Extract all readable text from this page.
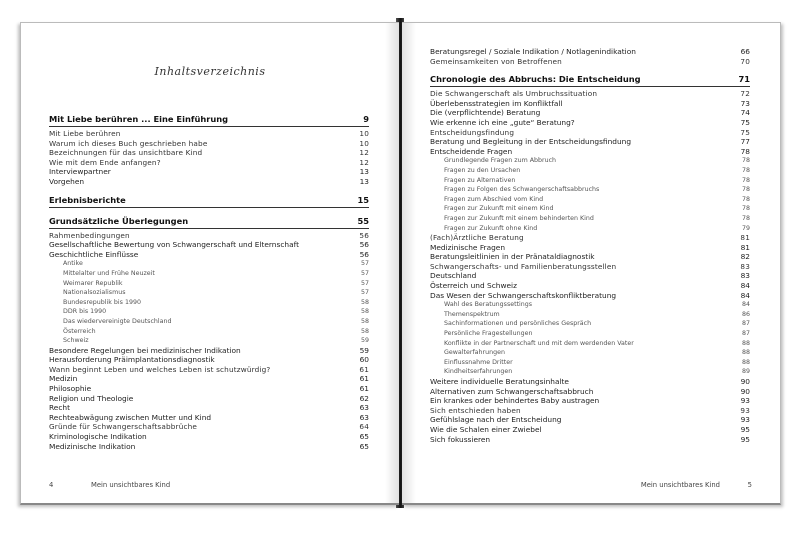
Inhaltsverzeichnis
Mit Liebe berühren ... Eine Einführung	9
Mit Liebe berühren	10
Warum ich dieses Buch geschrieben habe	10
Bezeichnungen für das unsichtbare Kind	12
Wie mit dem Ende anfangen?	12
Interviewpartner	13
Vorgehen	13
Erlebnisberichte	15
Grundsätzliche Überlegungen	55
Rahmenbedingungen	56
Gesellschaftliche Bewertung von Schwangerschaft und Elternschaft	56
Geschichtliche Einflüsse	56
Antike	57
Mittelalter und Frühe Neuzeit	57
Weimarer Republik	57
Nationalsozialismus	57
Bundesrepublik bis 1990	58
DDR bis 1990	58
Das wiedervereinigte Deutschland	58
Österreich	58
Schweiz	59
Besondere Regelungen bei medizinischer Indikation	59
Herausforderung Präimplantationsdiagnostik	60
Wann beginnt Leben und welches Leben ist schutzwürdig?	61
Medizin	61
Philosophie	61
Religion und Theologie	62
Recht	63
Rechteabwägung zwischen Mutter und Kind	63
Gründe für Schwangerschaftsabbrüche	64
Kriminologische Indikation	65
Medizinische Indikation	65
4	Mein unsichtbares Kind
Beratungsregel / Soziale Indikation / Notlagenindikation	66
Gemeinsamkeiten von Betroffenen	70
Chronologie des Abbruchs: Die Entscheidung	71
Die Schwangerschaft als Umbruchssituation	72
Überlebensstrategien im Konfliktfall	73
Die (verpflichtende) Beratung	74
Wie erkenne ich eine „gute“ Beratung?	75
Entscheidungsfindung	75
Beratung und Begleitung in der Entscheidungsfindung	77
Entscheidende Fragen	78
Grundlegende Fragen zum Abbruch	78
Fragen zu den Ursachen	78
Fragen zu Alternativen	78
Fragen zu Folgen des Schwangerschaftsabbruchs	78
Fragen zum Abschied vom Kind	78
Fragen zur Zukunft mit einem Kind	78
Fragen zur Zukunft mit einem behinderten Kind	78
Fragen zur Zukunft ohne Kind	79
(Fach)Ärztliche Beratung	81
Medizinische Fragen	81
Beratungsleitlinien in der Pränataldiagnostik	82
Schwangerschafts- und Familienberatungsstellen	83
Deutschland	83
Österreich und Schweiz	84
Das Wesen der Schwangerschaftskonfliktberatung	84
Wahl des Beratungssettings	84
Themenspektrum	86
Sachinformationen und persönliches Gespräch	87
Persönliche Fragestellungen	87
Konflikte in der Partnerschaft und mit dem werdenden Vater	88
Gewalterfahrungen	88
Einflussnahme Dritter	88
Kindheitserfahrungen	89
Weitere individuelle Beratungsinhalte	90
Alternativen zum Schwangerschaftsabbruch	90
Ein krankes oder behindertes Baby austragen	93
Sich entschieden haben	93
Gefühlslage nach der Entscheidung	93
Wie die Schalen einer Zwiebel	95
Sich fokussieren	95
Mein unsichtbares Kind	5
